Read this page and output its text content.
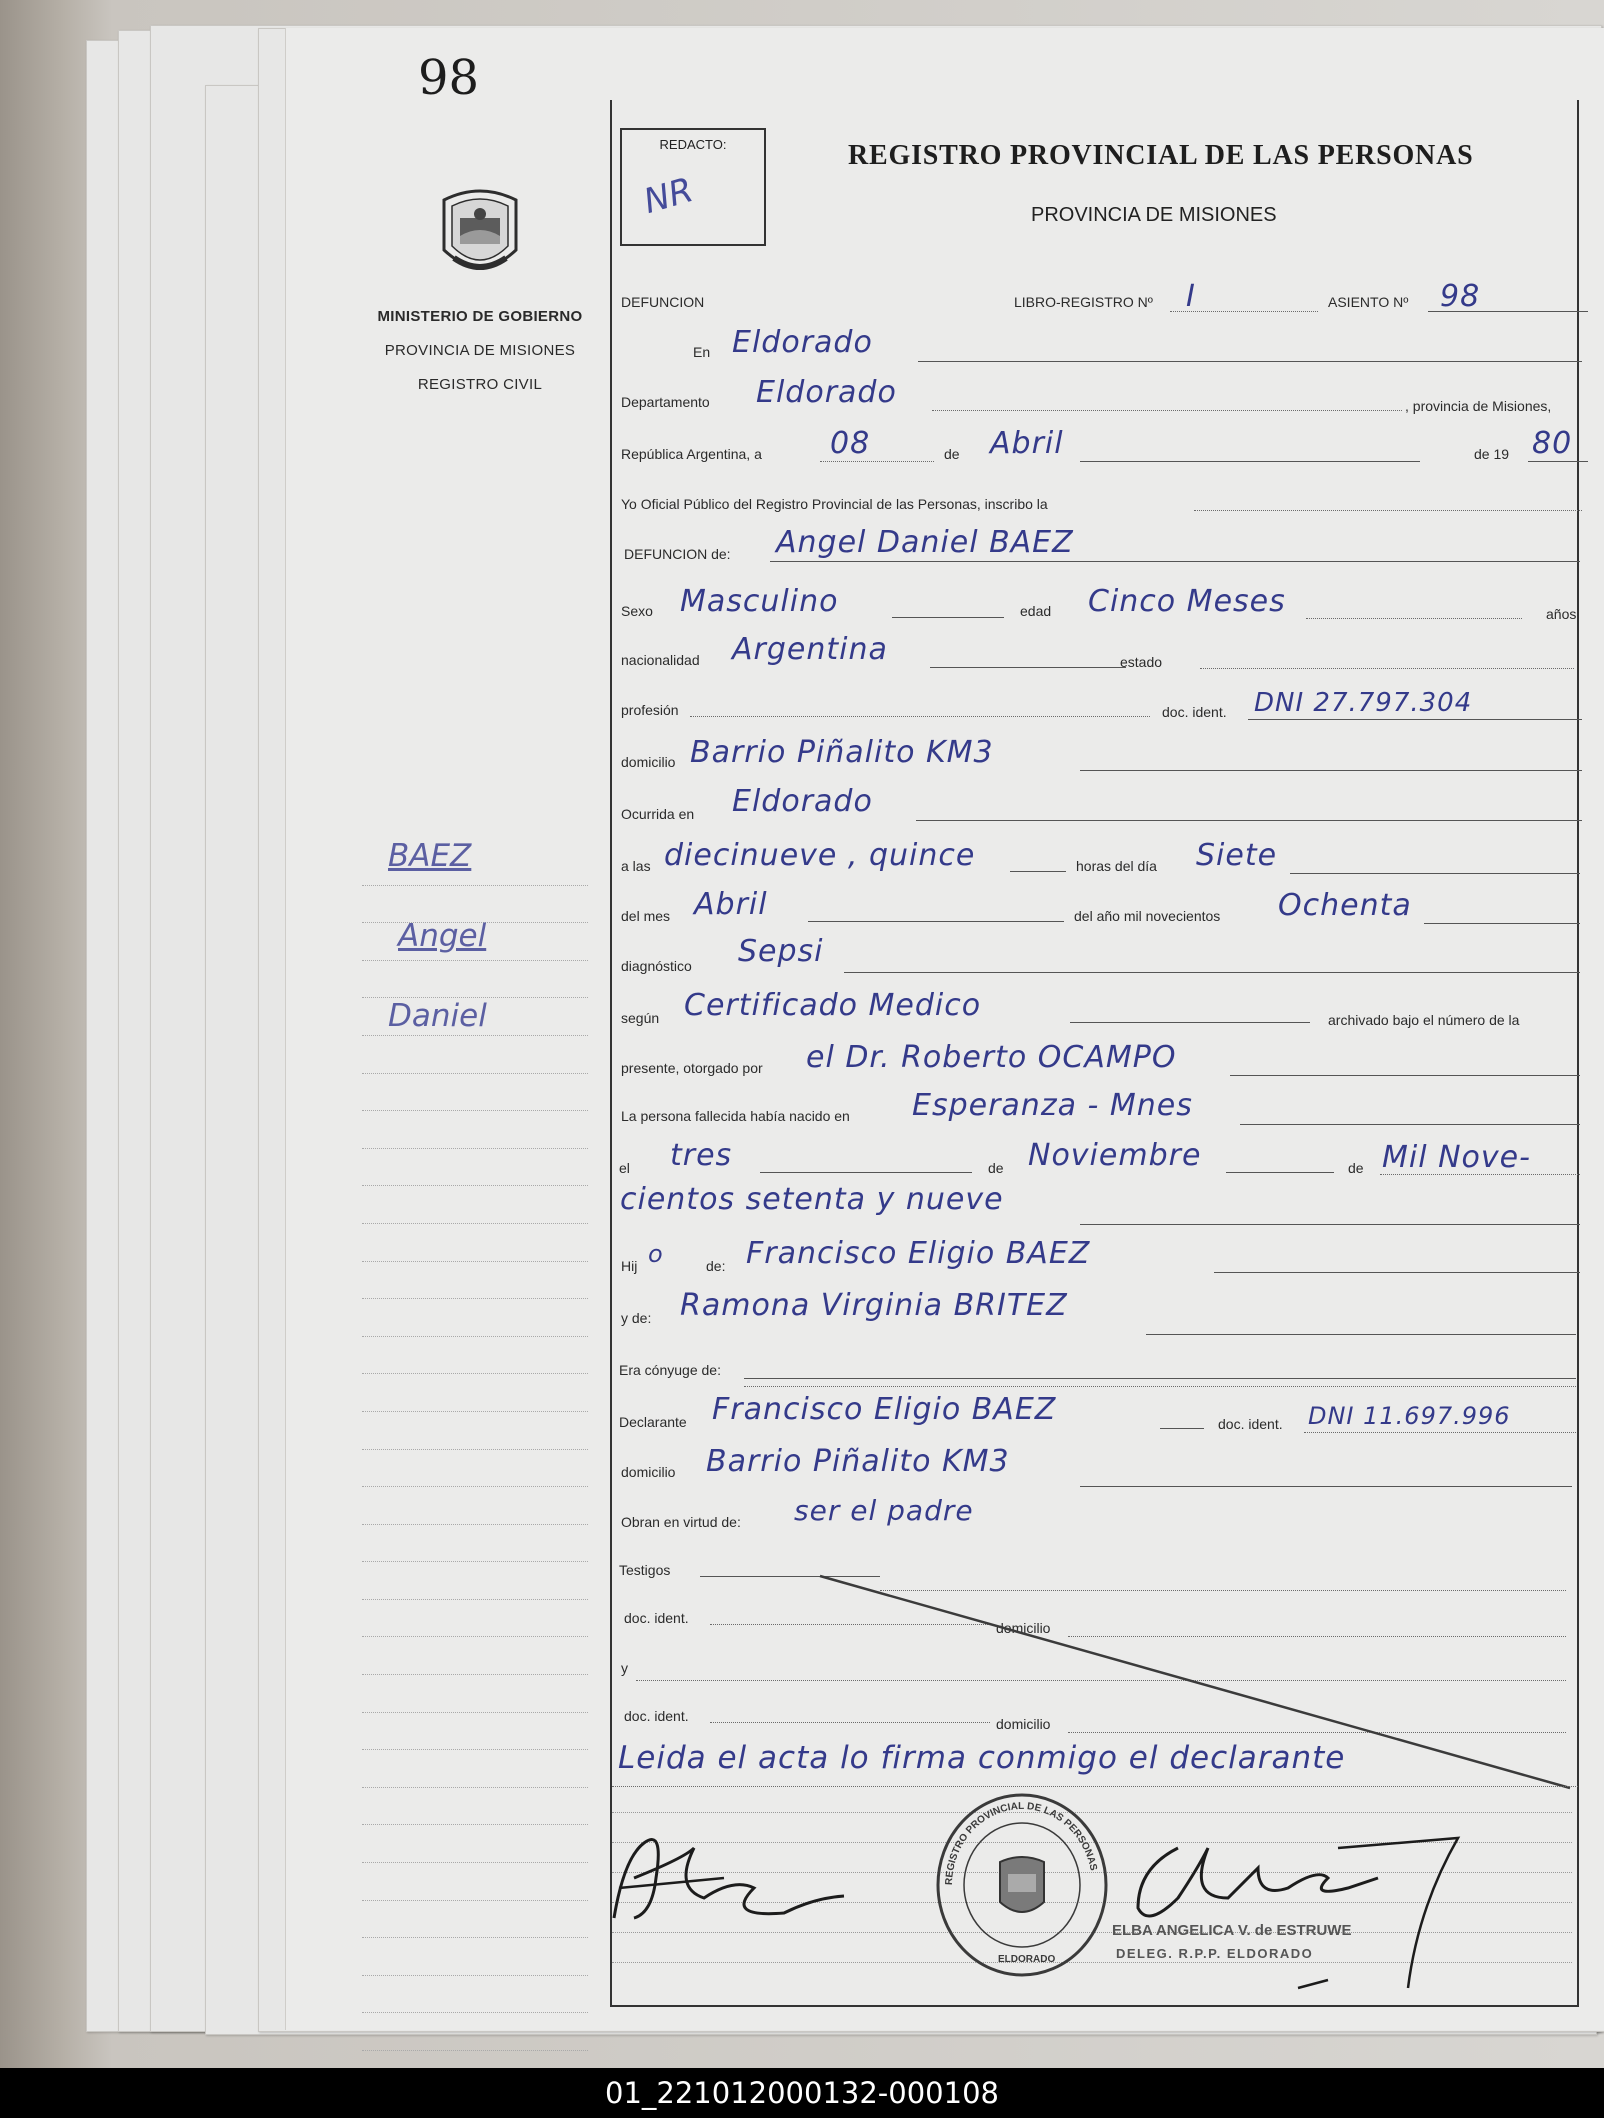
98
MINISTERIO DE GOBIERNO
PROVINCIA DE MISIONES
REGISTRO CIVIL
BAEZ
Angel
Daniel
REDACTO:
NR
REGISTRO PROVINCIAL DE LAS PERSONAS
PROVINCIA DE MISIONES
DEFUNCION	LIBRO-REGISTRO Nº I	ASIENTO Nº 98
En Eldorado
Departamento Eldorado	, provincia de Misiones,
República Argentina, a 08	de Abril	de 19 80
Yo Oficial Público del Registro Provincial de las Personas, inscribo la
DEFUNCION de: Angel Daniel BAEZ
Sexo Masculino	edad Cinco Meses	años
nacionalidad Argentina	estado
profesión	doc. ident. DNI 27.797.304
domicilio Barrio Piñalito KM3
Ocurrida en Eldorado
a las diecinueve , quince	horas del día Siete
del mes Abril	del año mil novecientos Ochenta
diagnóstico Sepsi
según Certificado Medico	archivado bajo el número de la
presente, otorgado por el Dr. Roberto OCAMPO
La persona fallecida había nacido en Esperanza - Mnes
el tres	de Noviembre	de Mil Nove-
cientos setenta y nueve
Hij o	de: Francisco Eligio BAEZ
y de: Ramona Virginia BRITEZ
Era cónyuge de:
Declarante Francisco Eligio BAEZ	doc. ident. DNI 11.697.996
domicilio Barrio Piñalito KM3
Obran en virtud de: ser el padre
Testigos
doc. ident.
domicilio
y
doc. ident.	domicilio
Leida el acta lo firma conmigo el declarante
REGISTRO PROVINCIAL DE LAS PERSONAS
ELDORADO
ELBA ANGELICA V. de ESTRUWE
DELEG. R.P.P. ELDORADO
01_221012000132-000108
